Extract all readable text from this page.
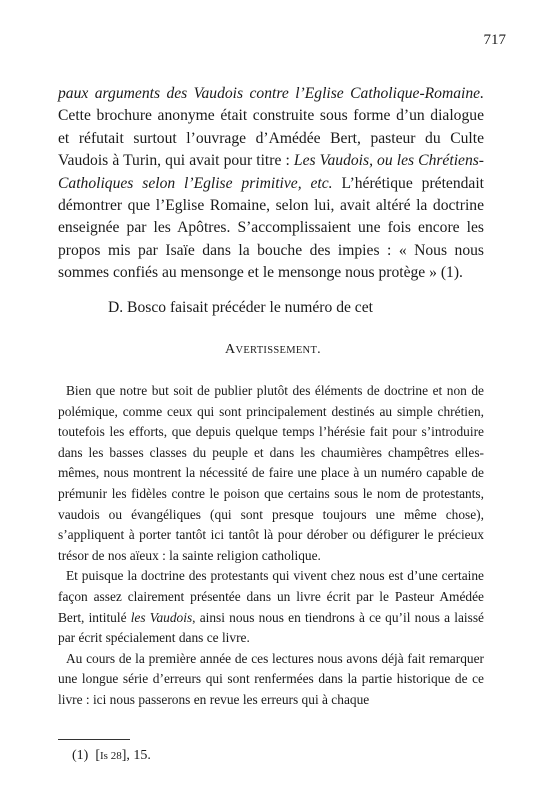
717

paux arguments des Vaudois contre l’Eglise Catholique-Romaine. Cette brochure anonyme était construite sous forme d’un dialogue et réfutait surtout l’ouvrage d’Amédée Bert, pasteur du Culte Vaudois à Turin, qui avait pour titre : Les Vaudois, ou les Chrétiens-Catholiques selon l’Eglise primitive, etc. L’hérétique prétendait démontrer que l’Eglise Romaine, selon lui, avait altéré la doctrine enseignée par les Apôtres. S’accomplissaient une fois encore les propos mis par Isaïe dans la bouche des impies : « Nous nous sommes confiés au mensonge et le mensonge nous protège » (1).

D. Bosco faisait précéder le numéro de cet
AVERTISSEMENT.

Bien que notre but soit de publier plutôt des éléments de doctrine et non de polémique, comme ceux qui sont principalement destinés au simple chrétien, toutefois les efforts, que depuis quelque temps l’hérésie fait pour s’introduire dans les basses classes du peuple et dans les chaumières champêtres elles-mêmes, nous montrent la nécessité de faire une place à un numéro capable de prémunir les fidèles contre le poison que certains sous le nom de protestants, vaudois ou évangéliques (qui sont presque toujours une même chose), s’appliquent à porter tantôt ici tantôt là pour dérober ou défigurer le précieux trésor de nos aïeux : la sainte religion catholique.

Et puisque la doctrine des protestants qui vivent chez nous est d’une certaine façon assez clairement présentée dans un livre écrit par le Pasteur Amédée Bert, intitulé les Vaudois, ainsi nous nous en tiendrons à ce qu’il nous a laissé par écrit spécialement dans ce livre.

Au cours de la première année de ces lectures nous avons déjà fait remarquer une longue série d’erreurs qui sont renfermées dans la partie historique de ce livre : ici nous passerons en revue les erreurs qui à chaque

(1) [Is 28], 15.
